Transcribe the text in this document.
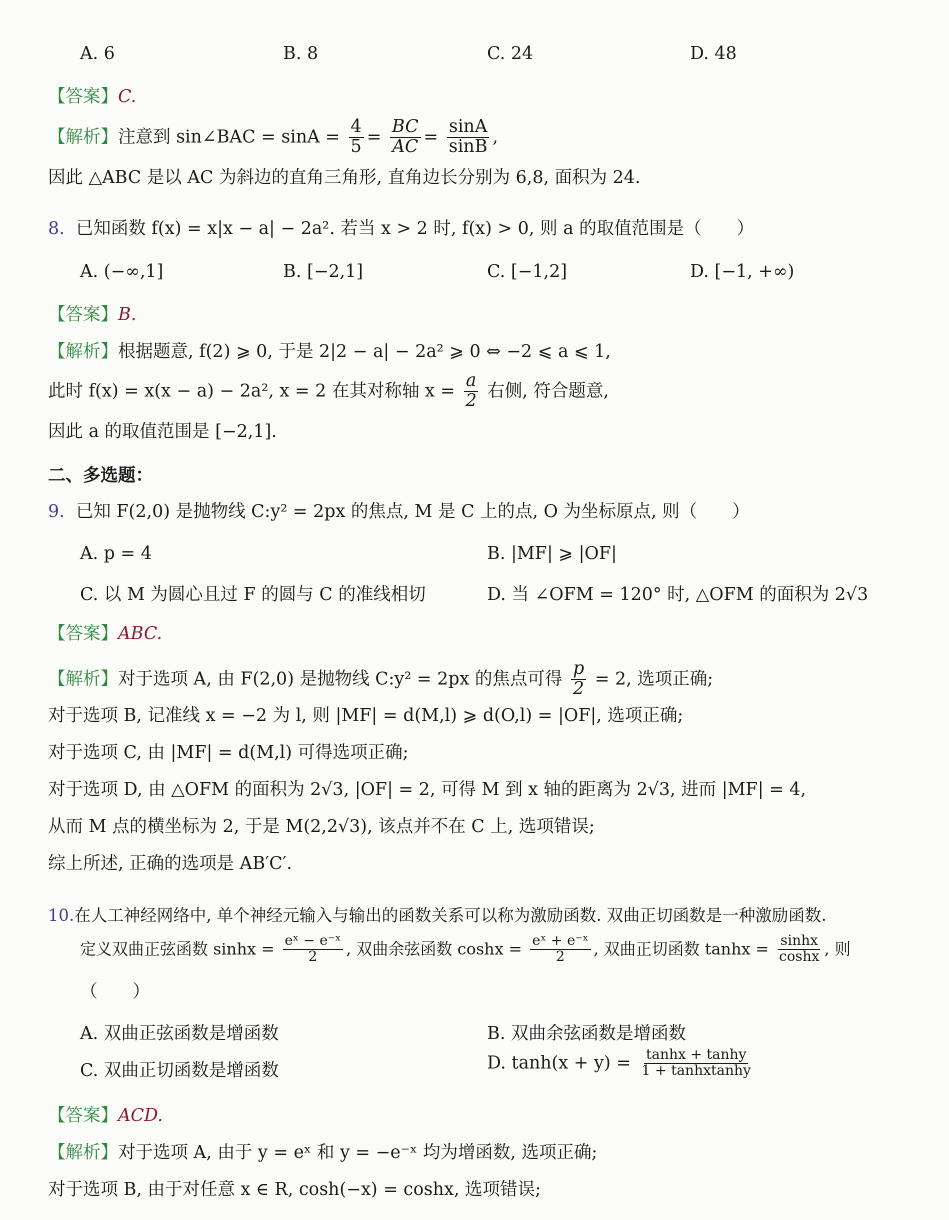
A. 6	B. 8	C. 24	D. 48
【答案】C.
【解析】注意到 sin∠BAC = $\sin A = \frac{4}{5} = \frac{BC}{AC} = \frac{\sin A}{\sin B}$ ,
因此 △ABC 是以 AC 为斜边的直角三角形, 直角边长分别为 6,8, 面积为 24.
8. 已知函数 f(x) = x|x − a| − 2a². 若当 x > 2 时, f(x) > 0, 则 a 的取值范围是（　　）
A. (−∞,1]	B. [−2,1]	C. [−1,2]	D. [−1, +∞)
【答案】B.
【解析】根据题意, f(2) ⩾ 0, 于是 2|2 − a| − 2a² ⩾ 0 ⇔ −2 ⩽ a ⩽ 1,
此时 f(x) = x(x − a) − 2a², x = 2 在其对称轴 $x = \frac{a}{2}$ 右侧, 符合题意,
因此 a 的取值范围是 [−2,1].
二、多选题：
9. 已知 F(2,0) 是抛物线 C:y² = 2px 的焦点, M 是 C 上的点, O 为坐标原点, 则（　　）
A. p = 4	B. |MF| ⩾ |OF|
C. 以 M 为圆心且过 F 的圆与 C 的准线相切	D. 当 ∠OFM = 120° 时, △OFM 的面积为 2√3
【答案】ABC.
【解析】对于选项 A, 由 F(2,0) 是抛物线 C:y² = 2px 的焦点可得 $\frac{p}{2} = 2$, 选项正确;
对于选项 B, 记准线 x = −2 为 l, 则 |MF| = d(M,l) ⩾ d(O,l) = |OF|, 选项正确;
对于选项 C, 由 |MF| = d(M,l) 可得选项正确;
对于选项 D, 由 △OFM 的面积为 2√3, |OF| = 2, 可得 M 到 x 轴的距离为 2√3, 进而 |MF| = 4,
从而 M 点的横坐标为 2, 于是 M(2,2√3), 该点并不在 C 上, 选项错误;
综上所述, 正确的选项是 AB′C′.
10.在人工神经网络中, 单个神经元输入与输出的函数关系可以称为激励函数. 双曲正切函数是一种激励函数.
定义双曲正弦函数 $\sinh x = \frac{\text{eˣ − e⁻ˣ}}{2}$ , 双曲余弦函数 $\cosh x = \frac{\text{eˣ + e⁻ˣ}}{2}$ , 双曲正切函数 $\tanh x = \frac{\sinh x}{\cosh x}$ , 则
（　　）
A. 双曲正弦函数是增函数	B. 双曲余弦函数是增函数
C. 双曲正切函数是增函数	D. $\tanh(x + y) = \frac{\tanh x + \tanh y}{\text{1 + tanhxtanhy}}$
【答案】ACD.
【解析】对于选项 A, 由于 y = eˣ 和 y = −e⁻ˣ 均为增函数, 选项正确;
对于选项 B, 由于对任意 x ∈ R, cosh(−x) = coshx, 选项错误;
